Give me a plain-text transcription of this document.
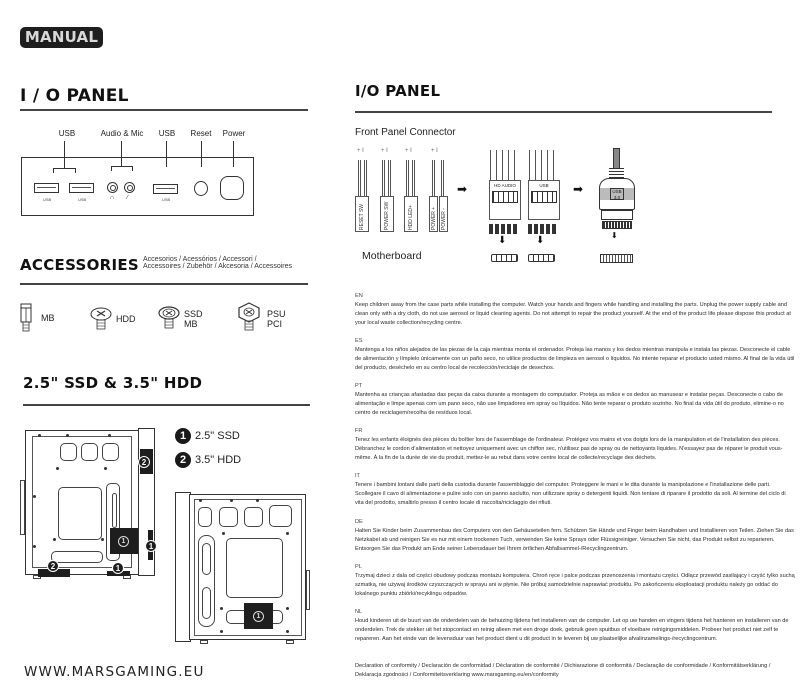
MANUAL
I / O PANEL
USB	Audio & Mic	USB	Reset	Power
USB	USB	∩ ∕	USB
ACCESSORIES Accesorios / Acessórios / Accessori /
Accessoires / Zubehör / Akcesoria / Accessoires
MB	HDD	SSD
MB
PSU
PCI
2.5" SSD & 3.5" HDD
1 2.5" SSD
2 3.5" HDD
1
2
1
2	1
1
WWW.MARSGAMING.EU
I/O PANEL
Front Panel Connector
+ I	+ I	+ I	+ I
RESET SW	POWER SW	HDD LED+	POWER + POWER -
➡	HD AUDIO
⬇
USB
⬇
➡	USB 3.0
⬇
Motherboard
EN
Keep children away from the case parts while installing the computer. Watch your hands and fingers while handling and installing the parts. Unplug the power supply cable and clean only with a dry cloth, do not use aerosol or liquid cleaning agents. Do not attempt to repair the product yourself. At the end of the product life please dispose this product at your local waste collection/recycling centre.
ES
Mantenga a los niños alejados de las piezas de la caja mientras monta el ordenador. Proteja las manos y los dedos mientras manipula e instala las piezas. Desconecte el cable de alimentación y límpielo únicamente con un paño seco, no utilice productos de limpieza en aerosol o líquidos. No intente reparar el producto usted mismo. Al final de la vida útil del producto, deséchelo en su centro local de recolección/reciclaje de desechos.
PT
Mantenha as crianças afastadas das peças da caixa durante a montagem do computador. Proteja as mãos e os dedos ao manusear e instalar peças. Desconecte o cabo de alimentação e limpe apenas com um pano seco, não use limpadores em spray ou líquidos. Não tente reparar o produto sozinho. No final da vida útil do produto, elimine-o no centro de reciclagem/recolha de resíduos local.
FR
Tenez les enfants éloignés des pièces du boîtier lors de l'assemblage de l'ordinateur. Protégez vos mains et vos doigts lors de la manipulation et de l'installation des pièces. Débranchez le cordon d'alimentation et nettoyez uniquement avec un chiffon sec, n'utilisez pas de spray ou de nettoyants liquides. N'essayez pas de réparer le produit vous-même. À la fin de la durée de vie du produit, mettez-le au rebut dans votre centre local de collecte/recyclage des déchets.
IT
Tenere i bambini lontani dalle parti della custodia durante l'assemblaggio del computer. Proteggere le mani e le dita durante la manipolazione e l'installazione delle parti. Scollegare il cavo di alimentazione e pulire solo con un panno asciutto, non utilizzare spray o detergenti liquidi. Non tentare di riparare il prodotto da soli. Al termine del ciclo di vita del prodotto, smaltirlo presso il centro locale di raccolta/riciclaggio dei rifiuti.
DE
Halten Sie Kinder beim Zusammenbau des Computers von den Gehäuseteilen fern. Schützen Sie Hände und Finger beim Handhaben und Installieren von Teilen. Ziehen Sie das Netzkabel ab und reinigen Sie es nur mit einem trockenen Tuch, verwenden Sie keine Sprays oder Flüssigreiniger. Versuchen Sie nicht, das Produkt selbst zu reparieren. Entsorgen Sie das Produkt am Ende seiner Lebensdauer bei Ihrem örtlichen Abfallsammel-/Recyclingzentrum.
PL
Trzymaj dzieci z dala od części obudowy podczas montażu komputera. Chroń ręce i palce podczas przenoszenia i montażu części. Odłącz przewód zasilający i czyść tylko suchą szmatką, nie używaj środków czyszczących w sprayu ani w płynie. Nie próbuj samodzielnie naprawiać produktu. Po zakończeniu eksploatacji produktu należy go oddać do lokalnego punktu zbiórki/recyklingu odpadów.
NL
Houd kinderen uit de buurt van de onderdelen van de behuizing tijdens het installeren van de computer. Let op uw handen en vingers tijdens het hanteren en installeren van de onderdelen. Trek de stekker uit het stopcontact en reinig alleen met een droge doek, gebruik geen spuitbus of vloeibare reinigingsmiddelen. Probeer het product niet zelf te repareren. Aan het einde van de levensduur van het product dient u dit product in te leveren bij uw plaatselijke afvalinzamelings-/recyclingcentrum.
Declaration of conformity / Declaración de conformidad / Déclaration de conformité / Dichiarazione di conformità / Declaração de conformidade / Konformitätserklärung / Deklaracja zgodności / Conformiteitsverklaring www.marsgaming.eu/en/conformity
